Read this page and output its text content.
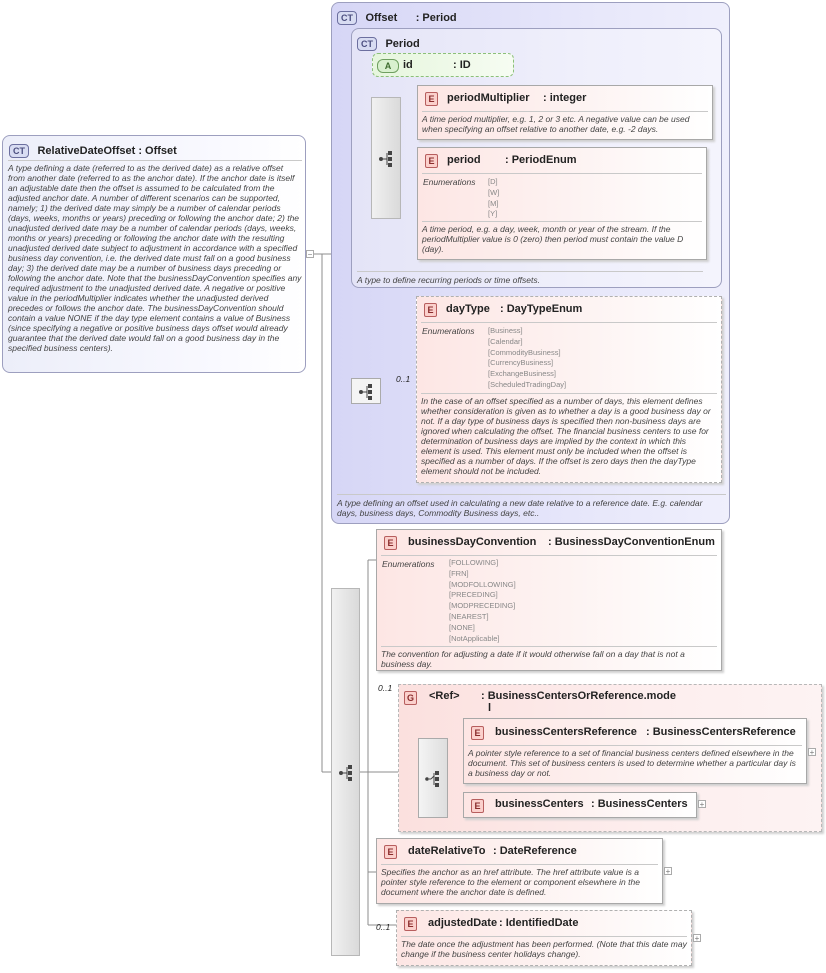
CT RelativeDateOffset : Offset
A type defining a date (referred to as the derived date) as a relative offset from another date (referred to as the anchor date). If the anchor date is itself an adjustable date then the offset is assumed to be calculated from the adjusted anchor date. A number of different scenarios can be supported, namely; 1) the derived date may simply be a number of calendar periods (days, weeks, months or years) preceding or following the anchor date; 2) the unadjusted derived date may be a number of calendar periods (days, weeks, months or years) preceding or following the anchor date with the resulting unadjusted derived date subject to adjustment in accordance with a specified business day convention, i.e. the derived date must fall on a good business day; 3) the derived date may be a number of business days preceding or following the anchor date. Note that the businessDayConvention specifies any required adjustment to the unadjusted derived date. A negative or positive value in the periodMultiplier indicates whether the unadjusted derived precedes or follows the anchor date. The businessDayConvention should contain a value NONE if the day type element contains a value of Business (since specifying a negative or positive business days offset would already guarantee that the derived date would fall on a good business day in the specified business centers).
−
CT Offset : Period
A type defining an offset used in calculating a new date relative to a reference date. E.g. calendar days, business days, Commodity Business days, etc..
CT Period
A type to define recurring periods or time offsets.
A	id	: ID
E	periodMultiplier : integer
A time period multiplier, e.g. 1, 2 or 3 etc. A negative value can be used when specifying an offset relative to another date, e.g. -2 days.
E	period : PeriodEnum
Enumerations [D]
[W]
[M]
[Y]
A time period, e.g. a day, week, month or year of the stream. If the periodMultiplier value is 0 (zero) then period must contain the value D (day).
0..1
E	dayType : DayTypeEnum
Enumerations [Business]
[Calendar]
[CommodityBusiness]
[CurrencyBusiness]
[ExchangeBusiness]
[ScheduledTradingDay]
In the case of an offset specified as a number of days, this element defines whether consideration is given as to whether a day is a good business day or not. If a day type of business days is specified then non-business days are ignored when calculating the offset. The financial business centers to use for determination of business days are implied by the context in which this element is used. This element must only be included when the offset is specified as a number of days. If the offset is zero days then the dayType element should not be included.
E	businessDayConvention : BusinessDayConventionEnum
Enumerations [FOLLOWING]
[FRN]
[MODFOLLOWING]
[PRECEDING]
[MODPRECEDING]
[NEAREST]
[NONE]
[NotApplicable]
The convention for adjusting a date if it would otherwise fall on a day that is not a business day.
0..1
G <Ref> : BusinessCentersOrReference.mode
l
E	businessCentersReference : BusinessCentersReference
A pointer style reference to a set of financial business centers defined elsewhere in the document. This set of business centers is used to determine whether a particular day is a business day or not.
+
E	businessCenters : BusinessCenters +
E	dateRelativeTo : DateReference
Specifies the anchor as an href attribute. The href attribute value is a pointer style reference to the element or component elsewhere in the document where the anchor date is defined.
+
0..1	E	adjustedDate : IdentifiedDate
The date once the adjustment has been performed. (Note that this date may change if the business center holidays change).
+
